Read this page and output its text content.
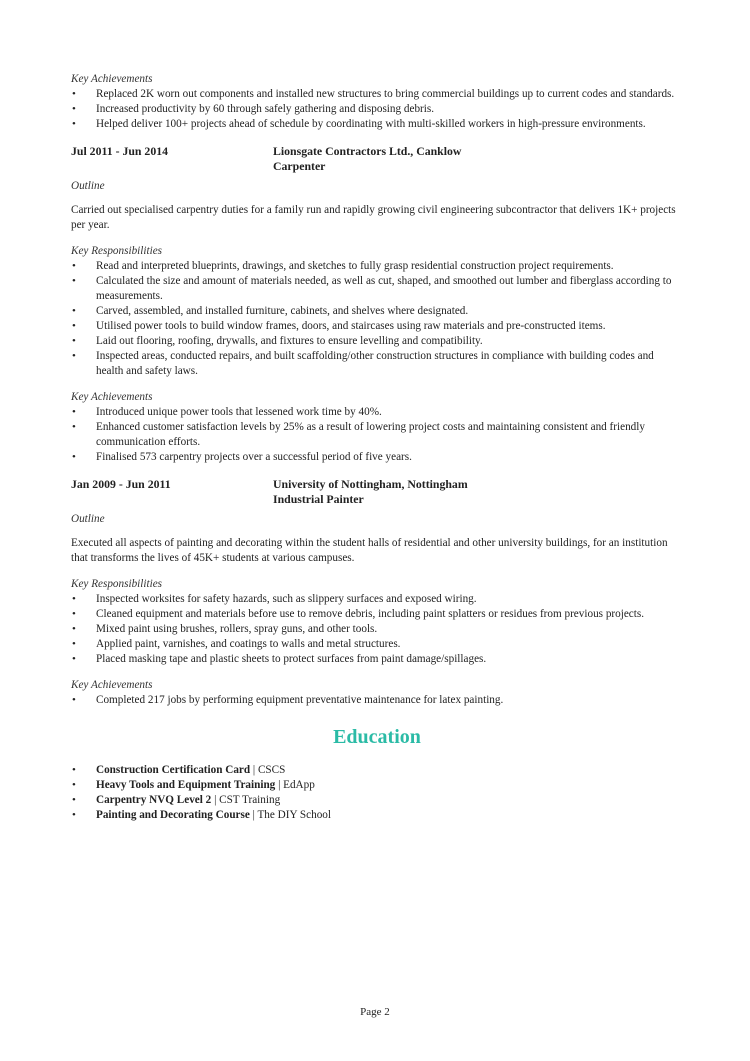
Key Achievements

• Replaced 2K worn out components and installed new structures to bring commercial buildings up to current codes and standards.
• Increased productivity by 60 through safely gathering and disposing debris.
• Helped deliver 100+ projects ahead of schedule by coordinating with multi-skilled workers in high-pressure environments.
Jul 2011 - Jun 2014	Lionsgate Contractors Ltd., Canklow
Carpenter

Outline

Carried out specialised carpentry duties for a family run and rapidly growing civil engineering subcontractor that delivers 1K+ projects per year.

Key Responsibilities

• Read and interpreted blueprints, drawings, and sketches to fully grasp residential construction project requirements.
• Calculated the size and amount of materials needed, as well as cut, shaped, and smoothed out lumber and fiberglass according to measurements.
• Carved, assembled, and installed furniture, cabinets, and shelves where designated.
• Utilised power tools to build window frames, doors, and staircases using raw materials and pre-constructed items.
• Laid out flooring, roofing, drywalls, and fixtures to ensure levelling and compatibility.
• Inspected areas, conducted repairs, and built scaffolding/other construction structures in compliance with building codes and health and safety laws.

Key Achievements

• Introduced unique power tools that lessened work time by 40%.
• Enhanced customer satisfaction levels by 25% as a result of lowering project costs and maintaining consistent and friendly communication efforts.
• Finalised 573 carpentry projects over a successful period of five years.
Jan 2009 - Jun 2011	University of Nottingham, Nottingham
Industrial Painter

Outline

Executed all aspects of painting and decorating within the student halls of residential and other university buildings, for an institution that transforms the lives of 45K+ students at various campuses.

Key Responsibilities

• Inspected worksites for safety hazards, such as slippery surfaces and exposed wiring.
• Cleaned equipment and materials before use to remove debris, including paint splatters or residues from previous projects.
• Mixed paint using brushes, rollers, spray guns, and other tools.
• Applied paint, varnishes, and coatings to walls and metal structures.
• Placed masking tape and plastic sheets to protect surfaces from paint damage/spillages.

Key Achievements

• Completed 217 jobs by performing equipment preventative maintenance for latex painting.
Education
• Construction Certification Card | CSCS
• Heavy Tools and Equipment Training | EdApp
• Carpentry NVQ Level 2 | CST Training
• Painting and Decorating Course | The DIY School
Page 2
